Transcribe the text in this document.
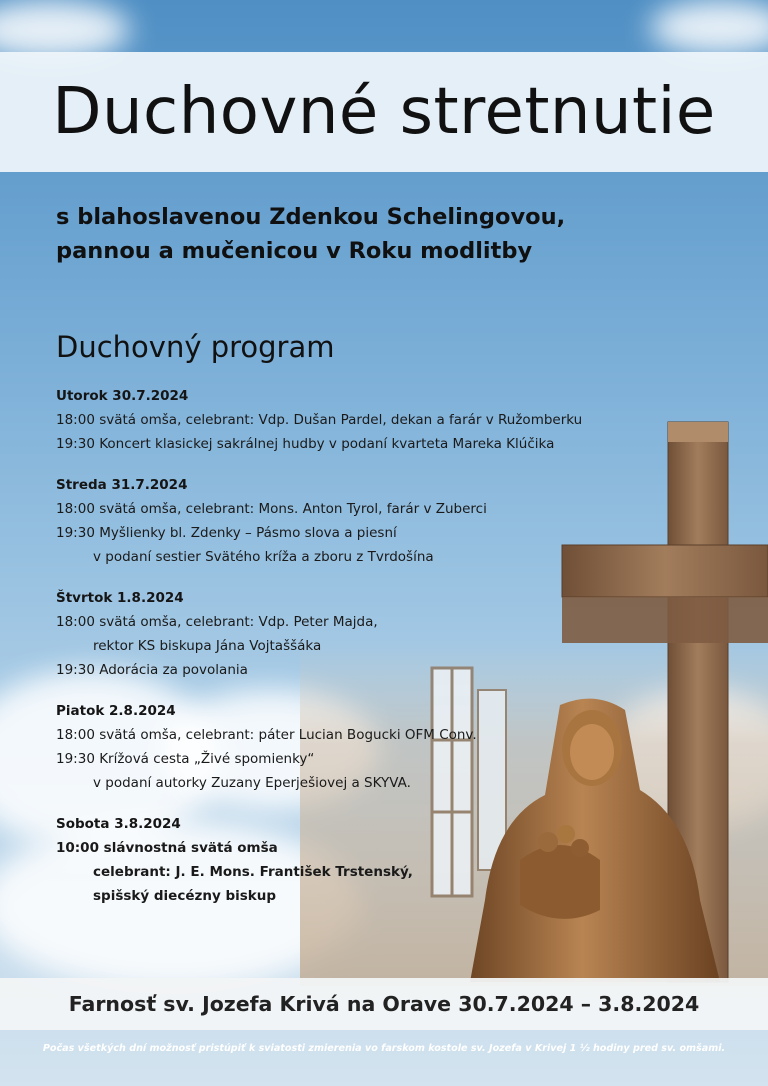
Duchovné stretnutie
s blahoslavenou Zdenkou Schelingovou,
pannou a mučenicou v Roku modlitby
Duchovný program
Utorok 30.7.2024
18:00 svätá omša, celebrant: Vdp. Dušan Pardel, dekan a farár v Ružomberku
19:30 Koncert klasickej sakrálnej hudby v podaní kvarteta Mareka Klúčika
Streda 31.7.2024
18:00 svätá omša, celebrant: Mons. Anton Tyrol, farár v Zuberci
19:30 Myšlienky bl. Zdenky – Pásmo slova a piesní
v podaní sestier Svätého kríža a zboru z Tvrdošína
Štvrtok 1.8.2024
18:00 svätá omša, celebrant: Vdp. Peter Majda,
rektor KS biskupa Jána Vojtaššáka
19:30 Adorácia za povolania
Piatok 2.8.2024
18:00 svätá omša, celebrant: páter Lucian Bogucki OFM Conv.
19:30 Krížová cesta „Živé spomienky“
v podaní autorky Zuzany Eperješiovej a SKYVA.
Sobota 3.8.2024
10:00 slávnostná svätá omša
celebrant: J. E. Mons. František Trstenský,
spišský diecézny biskup
Farnosť sv. Jozefa Krivá na Orave 30.7.2024 – 3.8.2024
Počas všetkých dní možnosť pristúpiť k sviatosti zmierenia vo farskom kostole sv. Jozefa v Krivej 1 ½ hodiny pred sv. omšami.
